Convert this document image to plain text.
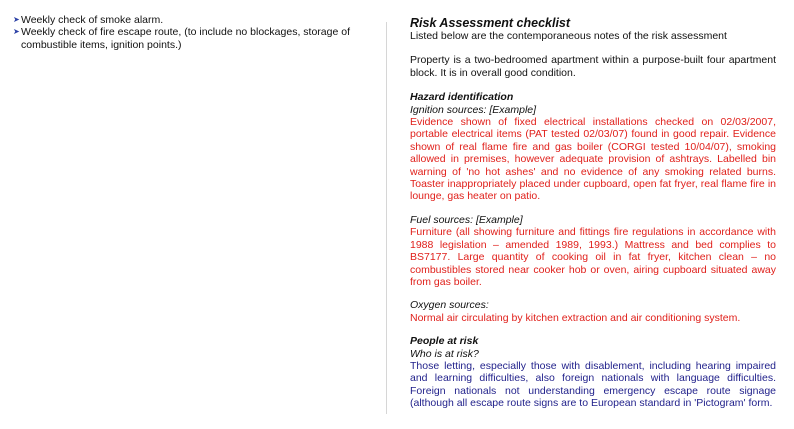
➤ Weekly check of smoke alarm.
➤ Weekly check of fire escape route, (to include no blockages, storage of combustible items, ignition points.)
Risk Assessment checklist

Listed below are the contemporaneous notes of the risk assessment

Property is a two-bedroomed apartment within a purpose-built four apartment block. It is in overall good condition.

Hazard identification
Ignition sources: [Example]

Evidence shown of fixed electrical installations checked on 02/03/2007, portable electrical items (PAT tested 02/03/07) found in good repair. Evidence shown of real flame fire and gas boiler (CORGI tested 10/04/07), smoking allowed in premises, however adequate provision of ashtrays. Labelled bin warning of 'no hot ashes' and no evidence of any smoking related burns. Toaster inappropriately placed under cupboard, open fat fryer, real flame fire in lounge, gas heater on patio.

Fuel sources: [Example]

Furniture (all showing furniture and fittings fire regulations in accordance with 1988 legislation – amended 1989, 1993.) Mattress and bed complies to BS7177. Large quantity of cooking oil in fat fryer, kitchen clean – no combustibles stored near cooker hob or oven, airing cupboard situated away from gas boiler.

Oxygen sources:

Normal air circulating by kitchen extraction and air conditioning system.

People at risk
Who is at risk?

Those letting, especially those with disablement, including hearing impaired and learning difficulties, also foreign nationals with language difficulties. Foreign nationals not understanding emergency escape route signage (although all escape route signs are to European standard in 'Pictogram' form.
